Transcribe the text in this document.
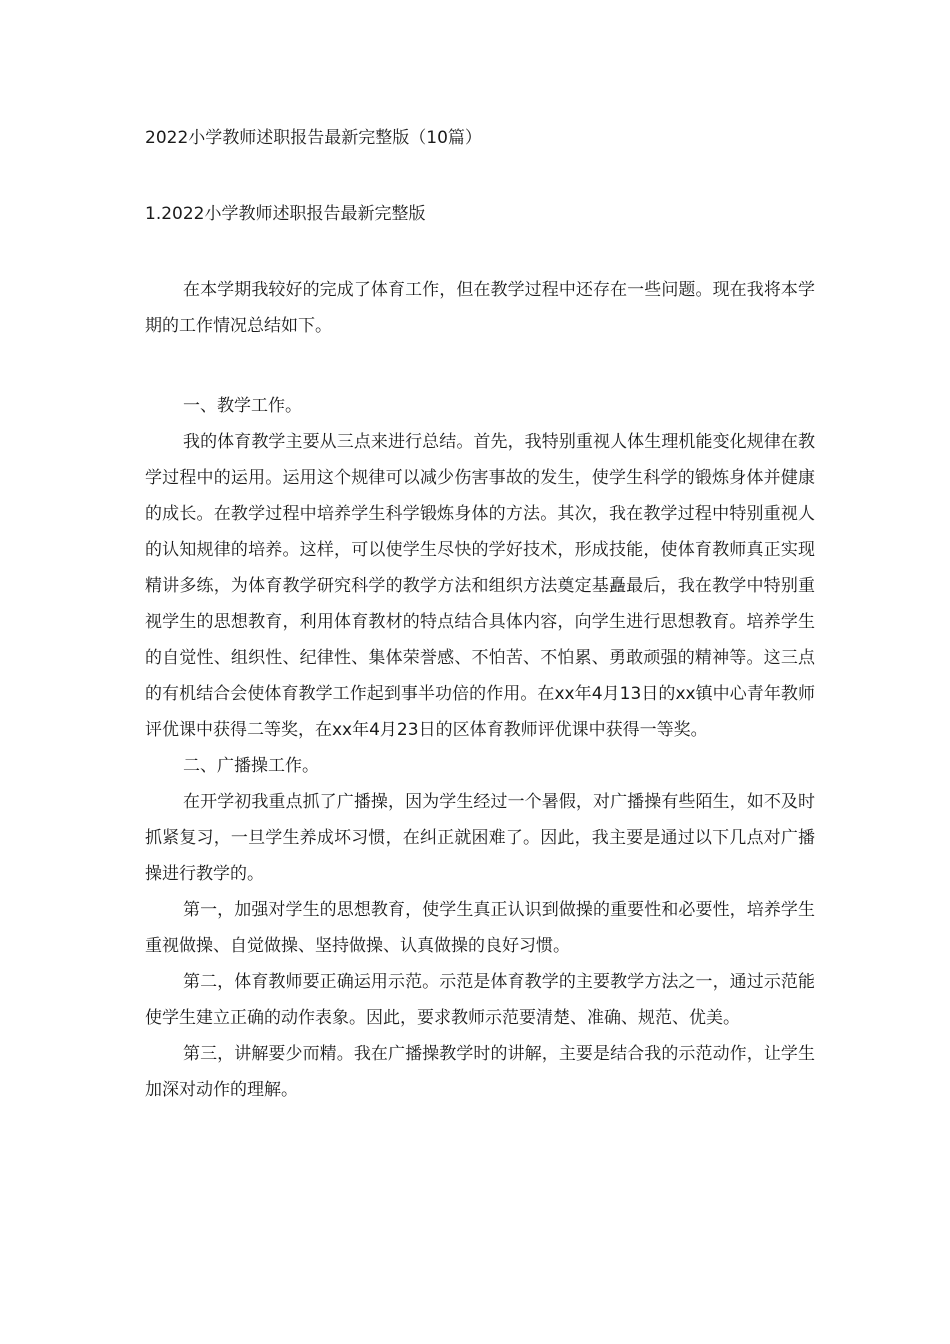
2022小学教师述职报告最新完整版（10篇）
1.2022小学教师述职报告最新完整版

在本学期我较好的完成了体育工作，但在教学过程中还存在一些问题。现在我将本学期的工作情况总结如下。

一、教学工作。

我的体育教学主要从三点来进行总结。首先，我特别重视人体生理机能变化规律在教学过程中的运用。运用这个规律可以减少伤害事故的发生，使学生科学的锻炼身体并健康的成长。在教学过程中培养学生科学锻炼身体的方法。其次，我在教学过程中特别重视人的认知规律的培养。这样，可以使学生尽快的学好技术，形成技能，使体育教师真正实现精讲多练，为体育教学研究科学的教学方法和组织方法奠定基矗最后，我在教学中特别重视学生的思想教育，利用体育教材的特点结合具体内容，向学生进行思想教育。培养学生的自觉性、组织性、纪律性、集体荣誉感、不怕苦、不怕累、勇敢顽强的精神等。这三点的有机结合会使体育教学工作起到事半功倍的作用。在xx年4月13日的xx镇中心青年教师评优课中获得二等奖，在xx年4月23日的区体育教师评优课中获得一等奖。

二、广播操工作。

在开学初我重点抓了广播操，因为学生经过一个暑假，对广播操有些陌生，如不及时抓紧复习，一旦学生养成坏习惯，在纠正就困难了。因此，我主要是通过以下几点对广播操进行教学的。

第一，加强对学生的思想教育，使学生真正认识到做操的重要性和必要性，培养学生重视做操、自觉做操、坚持做操、认真做操的良好习惯。

第二，体育教师要正确运用示范。示范是体育教学的主要教学方法之一，通过示范能使学生建立正确的动作表象。因此，要求教师示范要清楚、准确、规范、优美。

第三，讲解要少而精。我在广播操教学时的讲解，主要是结合我的示范动作，让学生加深对动作的理解。
